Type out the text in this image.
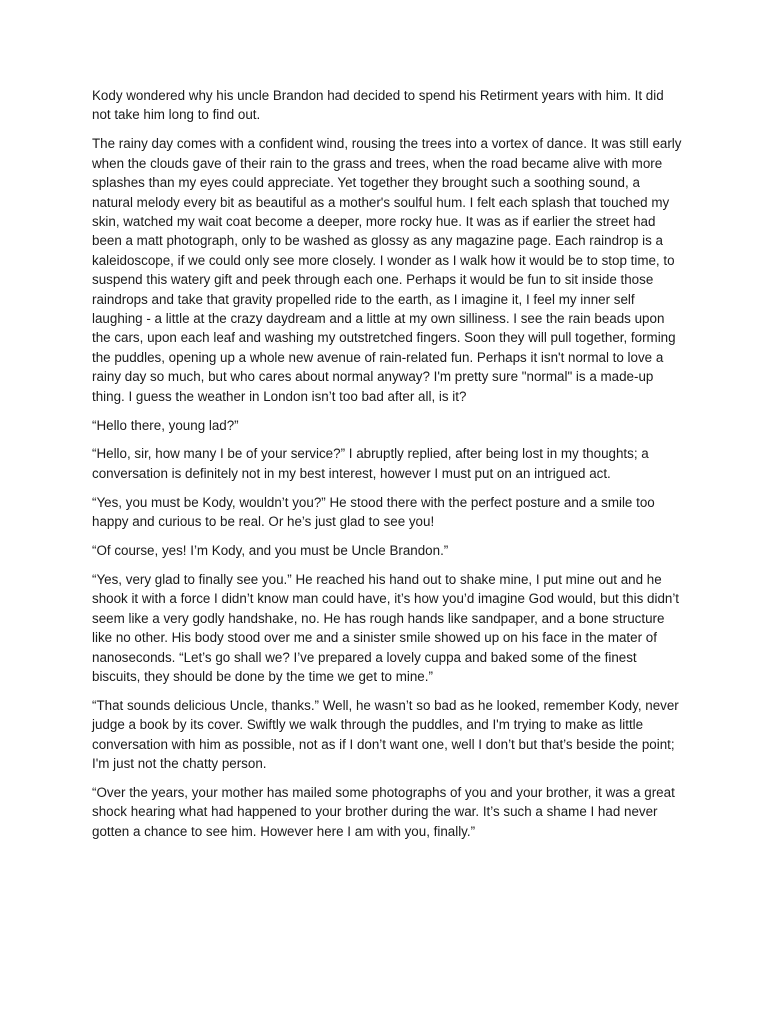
Kody wondered why his uncle Brandon had decided to spend his Retirment years with him. It did not take him long to find out.

The rainy day comes with a confident wind, rousing the trees into a vortex of dance. It was still early when the clouds gave of their rain to the grass and trees, when the road became alive with more splashes than my eyes could appreciate. Yet together they brought such a soothing sound, a natural melody every bit as beautiful as a mother's soulful hum. I felt each splash that touched my skin, watched my wait coat become a deeper, more rocky hue. It was as if earlier the street had been a matt photograph, only to be washed as glossy as any magazine page. Each raindrop is a kaleidoscope, if we could only see more closely. I wonder as I walk how it would be to stop time, to suspend this watery gift and peek through each one. Perhaps it would be fun to sit inside those raindrops and take that gravity propelled ride to the earth, as I imagine it, I feel my inner self laughing - a little at the crazy daydream and a little at my own silliness. I see the rain beads upon the cars, upon each leaf and washing my outstretched fingers. Soon they will pull together, forming the puddles, opening up a whole new avenue of rain-related fun. Perhaps it isn't normal to love a rainy day so much, but who cares about normal anyway? I'm pretty sure "normal" is a made-up thing. I guess the weather in London isn’t too bad after all, is it?

“Hello there, young lad?”

“Hello, sir, how many I be of your service?” I abruptly replied, after being lost in my thoughts; a conversation is definitely not in my best interest, however I must put on an intrigued act.

“Yes, you must be Kody, wouldn’t you?” He stood there with the perfect posture and a smile too happy and curious to be real. Or he’s just glad to see you!

“Of course, yes! I’m Kody, and you must be Uncle Brandon.”

“Yes, very glad to finally see you.” He reached his hand out to shake mine, I put mine out and he shook it with a force I didn’t know man could have, it’s how you’d imagine God would, but this didn’t seem like a very godly handshake, no. He has rough hands like sandpaper, and a bone structure like no other. His body stood over me and a sinister smile showed up on his face in the mater of nanoseconds. “Let’s go shall we? I’ve prepared a lovely cuppa and baked some of the finest biscuits, they should be done by the time we get to mine.”

“That sounds delicious Uncle, thanks.” Well, he wasn’t so bad as he looked, remember Kody, never judge a book by its cover. Swiftly we walk through the puddles, and I'm trying to make as little conversation with him as possible, not as if I don’t want one, well I don’t but that’s beside the point; I'm just not the chatty person.

“Over the years, your mother has mailed some photographs of you and your brother, it was a great shock hearing what had happened to your brother during the war. It’s such a shame I had never gotten a chance to see him. However here I am with you, finally.”
